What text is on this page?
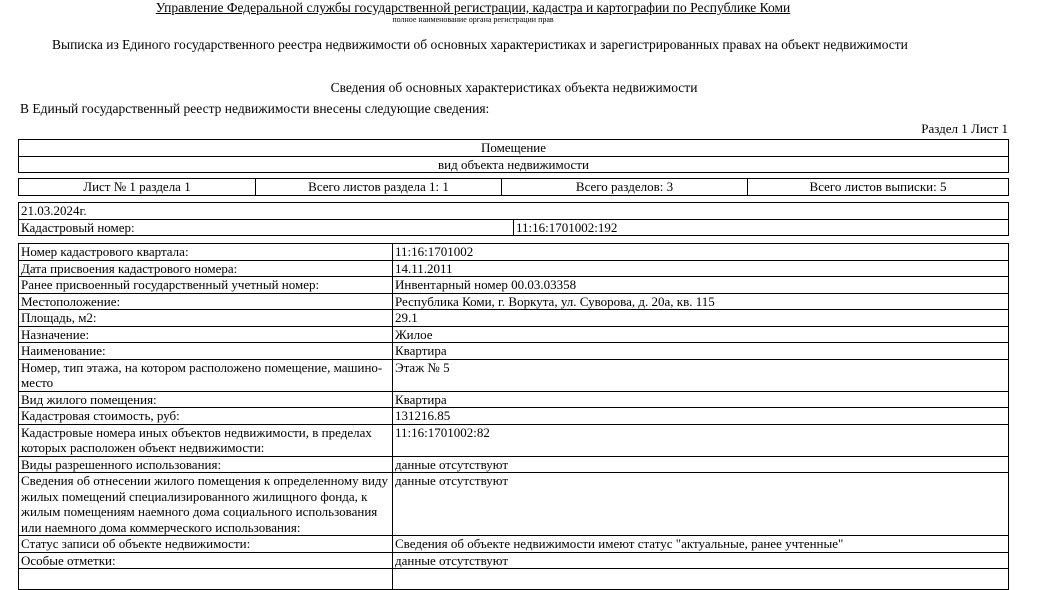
Управление Федеральной службы государственной регистрации, кадастра и картографии по Республике Коми
полное наименование органа регистрации прав
Выписка из Единого государственного реестра недвижимости об основных характеристиках и зарегистрированных правах на объект недвижимости
Сведения об основных характеристиках объекта недвижимости
В Единый государственный реестр недвижимости внесены следующие сведения:
Раздел 1 Лист 1
Помещение
вид объекта недвижимости
Лист № 1 раздела 1	Всего листов раздела 1: 1	Всего разделов: 3	Всего листов выписки: 5
21.03.2024г.
Кадастровый номер:	11:16:1701002:192
Номер кадастрового квартала:	11:16:1701002
Дата присвоения кадастрового номера:	14.11.2011
Ранее присвоенный государственный учетный номер:	Инвентарный номер 00.03.03358
Местоположение:	Республика Коми, г. Воркута, ул. Суворова, д. 20а, кв. 115
Площадь, м2:	29.1
Назначение:	Жилое
Наименование:	Квартира
Номер, тип этажа, на котором расположено помещение, машино-место	Этаж № 5
Вид жилого помещения:	Квартира
Кадастровая стоимость, руб:	131216.85
Кадастровые номера иных объектов недвижимости, в пределах которых расположен объект недвижимости:	11:16:1701002:82
Виды разрешенного использования:	данные отсутствуют
Сведения об отнесении жилого помещения к определенному виду жилых помещений специализированного жилищного фонда, к жилым помещениям наемного дома социального использования или наемного дома коммерческого использования:	данные отсутствуют
Статус записи об объекте недвижимости:	Сведения об объекте недвижимости имеют статус "актуальные, ранее учтенные"
Особые отметки:	данные отсутствуют
